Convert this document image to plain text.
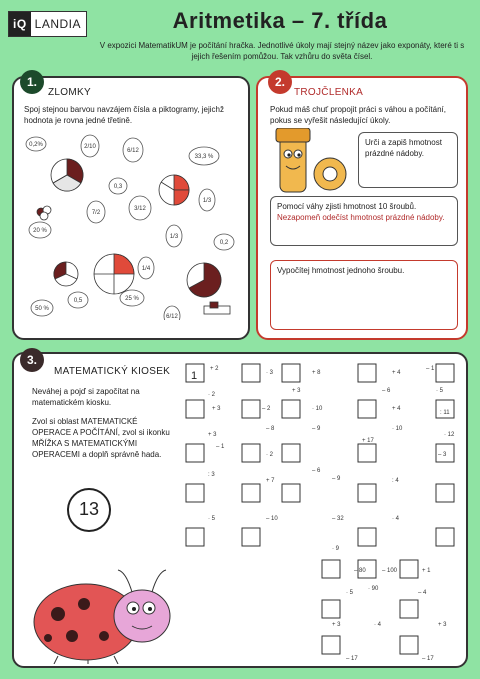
iQ LANDIA	Aritmetika – 7. třída
V expozici MatematikUM je počítání hračka. Jednotlivé úkoly mají stejný název jako exponáty, které ti s jejich řešením pomůžou. Tak vzhůru do světa čísel.
ZLOMKY
Spoj stejnou barvou navzájem čísla a piktogramy, jejichž hodnota je rovna jedné třetině.
0,2%	2/10
6/12
33,3 %
0,3
1/3
7/2
3/12
20 %
1/3
0,2
1/4
0,5	25 %
50 %
6/12
1.
TROJČLENKA
Pokud máš chuť propojit práci s váhou a počítání, pokus se vyřešit následující úkoly.
Urči a zapiš hmotnost prázdné nádoby.
Pomocí váhy zjisti hmotnost 10 šroubů.
Nezapomeň odečíst hmotnost prázdné nádoby.
Vypočítej hmotnost jednoho šroubu.
2.
MATEMATICKÝ KIOSEK
Neváhej a pojď si započítat na matematickém kiosku.
Zvol si oblast MATEMATICKÉ OPERACE A POČÍTÁNÍ, zvol si ikonku MŘÍŽKA S MATEMATICKÝMI OPERACEMI a doplň správně hada.
13
+ 2
· 3	+ 8	+ 4
– 1
· 2
+ 3	– 6	· 5
+ 3	– 2	· 10	+ 4
: 11
+ 3
– 8	– 9	· 10
· 12
– 1
· 2
+ 17
– 3
: 3
– 6
+ 7	: 4
– 9
· 5	– 32
– 10	· 4
· 9
– 80	– 100	+ 1
· 90
· 5	– 4
+ 3	· 4	+ 3
– 17	– 17
1
3.
